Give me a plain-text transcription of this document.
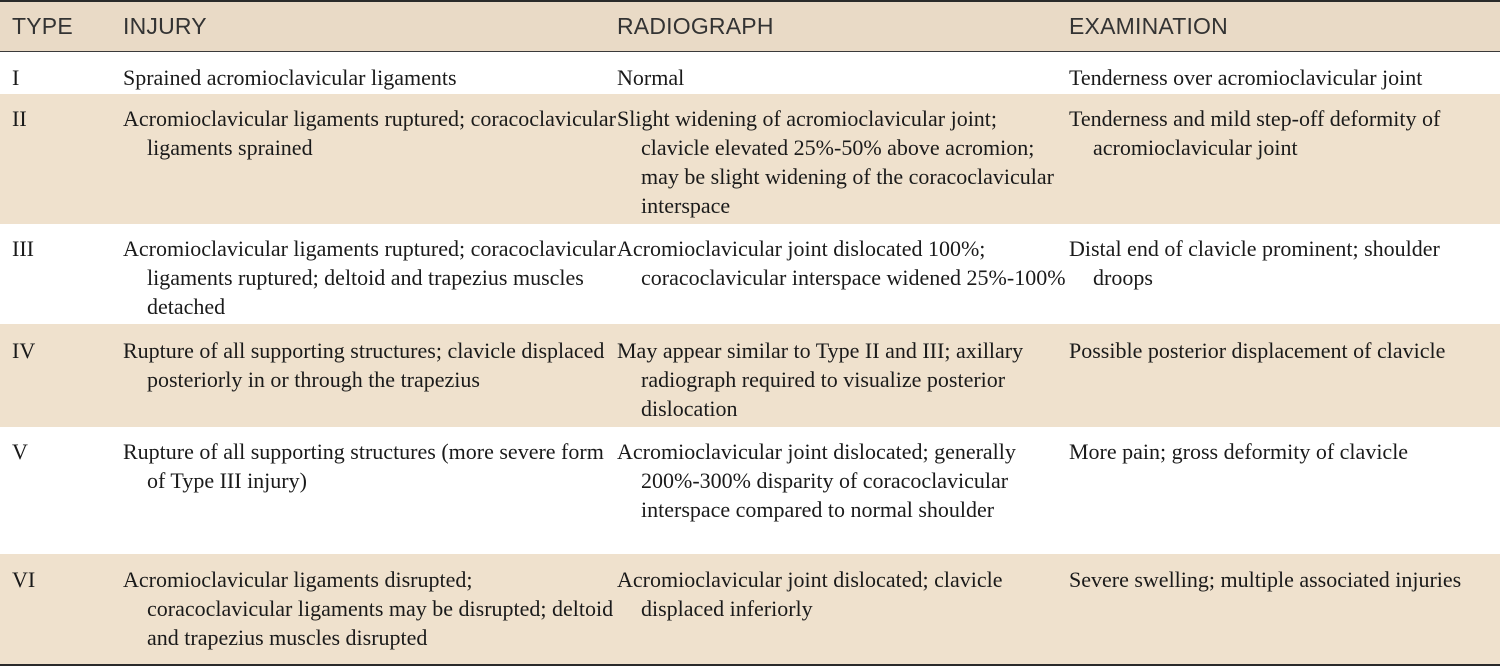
TYPE	INJURY	RADIOGRAPH	EXAMINATION
I	Sprained acromioclavicular ligaments	Normal	Tenderness over acromioclavicular joint

II	Acromioclavicular ligaments ruptured; coracoclavicular ligaments sprained	Slight widening of acromioclavicular joint; clavicle elevated 25%-50% above acromion; may be slight widening of the coracoclavicular interspace	Tenderness and mild step-off deformity of acromioclavicular joint

III	Acromioclavicular ligaments ruptured; coracoclavicular ligaments ruptured; deltoid and trapezius muscles detached	Acromioclavicular joint dislocated 100%; coracoclavicular interspace widened 25%-100%	Distal end of clavicle prominent; shoulder droops

IV	Rupture of all supporting structures; clavicle displaced posteriorly in or through the trapezius	May appear similar to Type II and III; axillary radiograph required to visualize posterior dislocation	Possible posterior displacement of clavicle

V	Rupture of all supporting structures (more severe form of Type III injury)	Acromioclavicular joint dislocated; generally 200%-300% disparity of coracoclavicular interspace compared to normal shoulder	More pain; gross deformity of clavicle

VI	Acromioclavicular ligaments disrupted; coracoclavicular ligaments may be disrupted; deltoid and trapezius muscles disrupted	Acromioclavicular joint dislocated; clavicle displaced inferiorly	Severe swelling; multiple associated injuries
